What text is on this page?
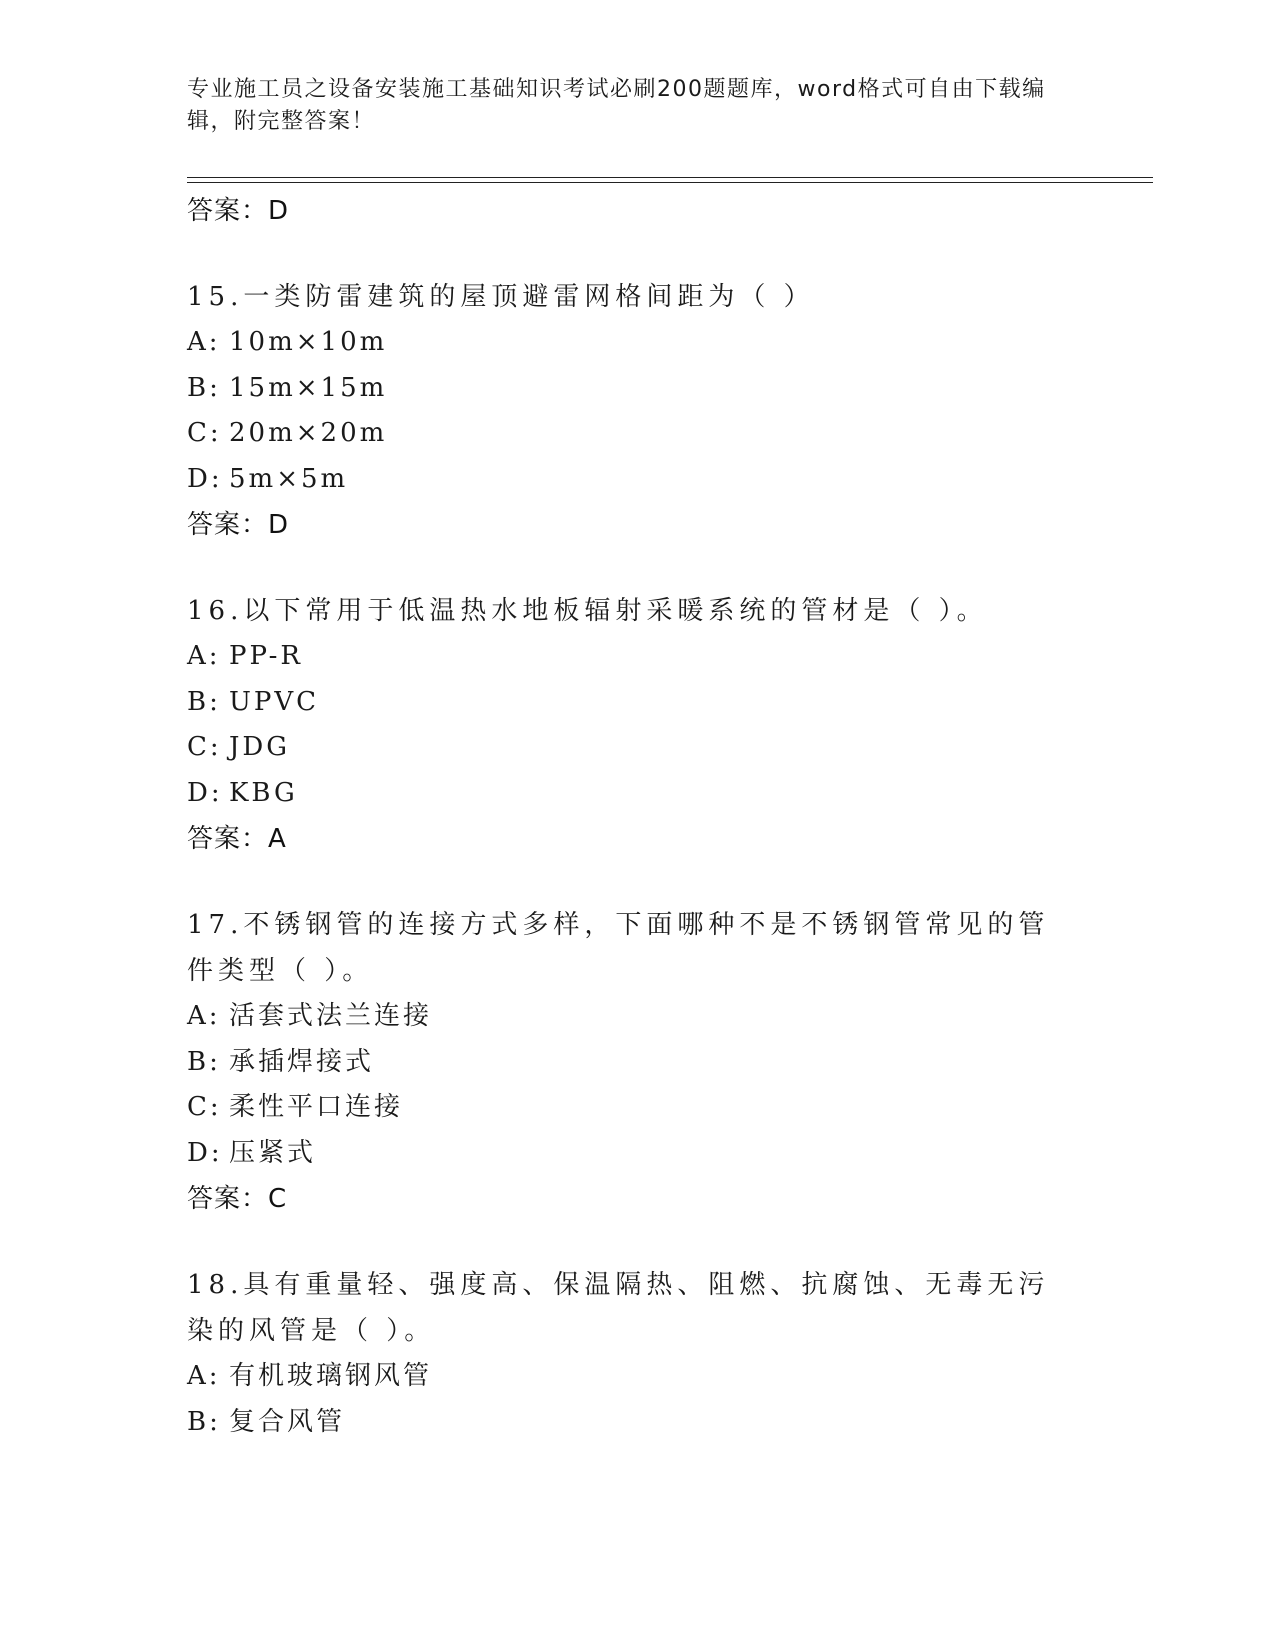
专业施工员之设备安装施工基础知识考试必刷200题题库，word格式可自由下载编辑，附完整答案！
答案：D
15.一类防雷建筑的屋顶避雷网格间距为（ ）
A: 10m×10m
B: 15m×15m
C: 20m×20m
D: 5m×5m
答案：D
16.以下常用于低温热水地板辐射采暖系统的管材是（ ）。
A: PP-R
B: UPVC
C: JDG
D: KBG
答案：A
17.不锈钢管的连接方式多样，下面哪种不是不锈钢管常见的管件类型（ ）。
A: 活套式法兰连接
B: 承插焊接式
C: 柔性平口连接
D: 压紧式
答案：C
18.具有重量轻、强度高、保温隔热、阻燃、抗腐蚀、无毒无污染的风管是（ ）。
A: 有机玻璃钢风管
B: 复合风管
